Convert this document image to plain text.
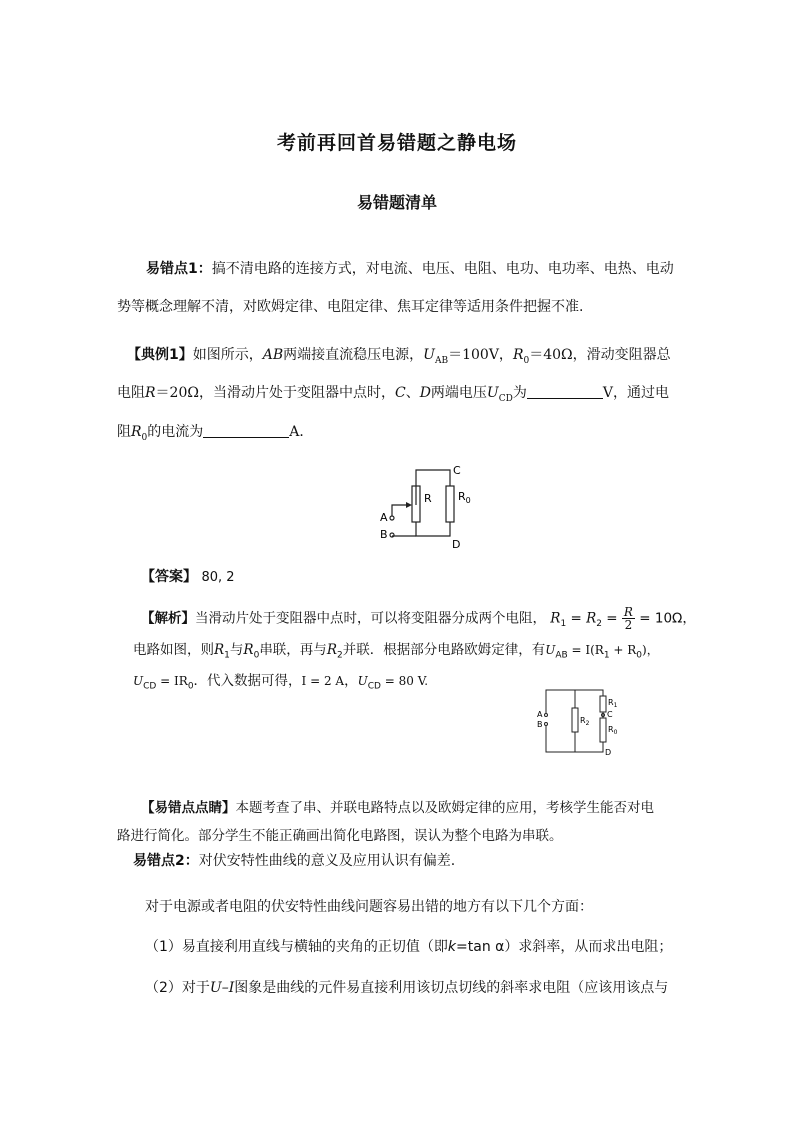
考前再回首易错题之静电场
易错题清单
易错点1：搞不清电路的连接方式，对电流、电压、电阻、电功、电功率、电热、电动
势等概念理解不清，对欧姆定律、电阻定律、焦耳定律等适用条件把握不准.
【典例1】如图所示，AB两端接直流稳压电源，$U_{AB}=100V$，$R_0=40\Omega$，滑动变阻器总
电阻R＝20Ω，当滑动片处于变阻器中点时，C、D两端电压$U_{CD}$为	V，通过电
阻$R_0$的电流为	A．
R $R_0$
C
D
A
B
【答案】 80, 2
【解析】当滑动片处于变阻器中点时，可以将变阻器分成两个电阻， $R_1 = R_2 = \frac{R}{2} = 10\Omega$，
电路如图，则$R_1$与$R_0$串联，再与$R_2$并联．根据部分电路欧姆定律，有$U_{AB} = I(R_1 + R_0)$，
$U_{CD} = IR_0$．代入数据可得，I = 2 A，$U_{CD} = 80$ V.
A
B
C
D
$R_2$
$R_1$
$R_0$
【易错点点睛】本题考查了串、并联电路特点以及欧姆定律的应用，考核学生能否对电
路进行简化。部分学生不能正确画出简化电路图，误认为整个电路为串联。
易错点2：对伏安特性曲线的意义及应用认识有偏差.
对于电源或者电阻的伏安特性曲线问题容易出错的地方有以下几个方面：
（1）易直接利用直线与横轴的夹角的正切值（即k=tan α）求斜率，从而求出电阻；
（2）对于U–I图象是曲线的元件易直接利用该切点切线的斜率求电阻（应该用该点与
